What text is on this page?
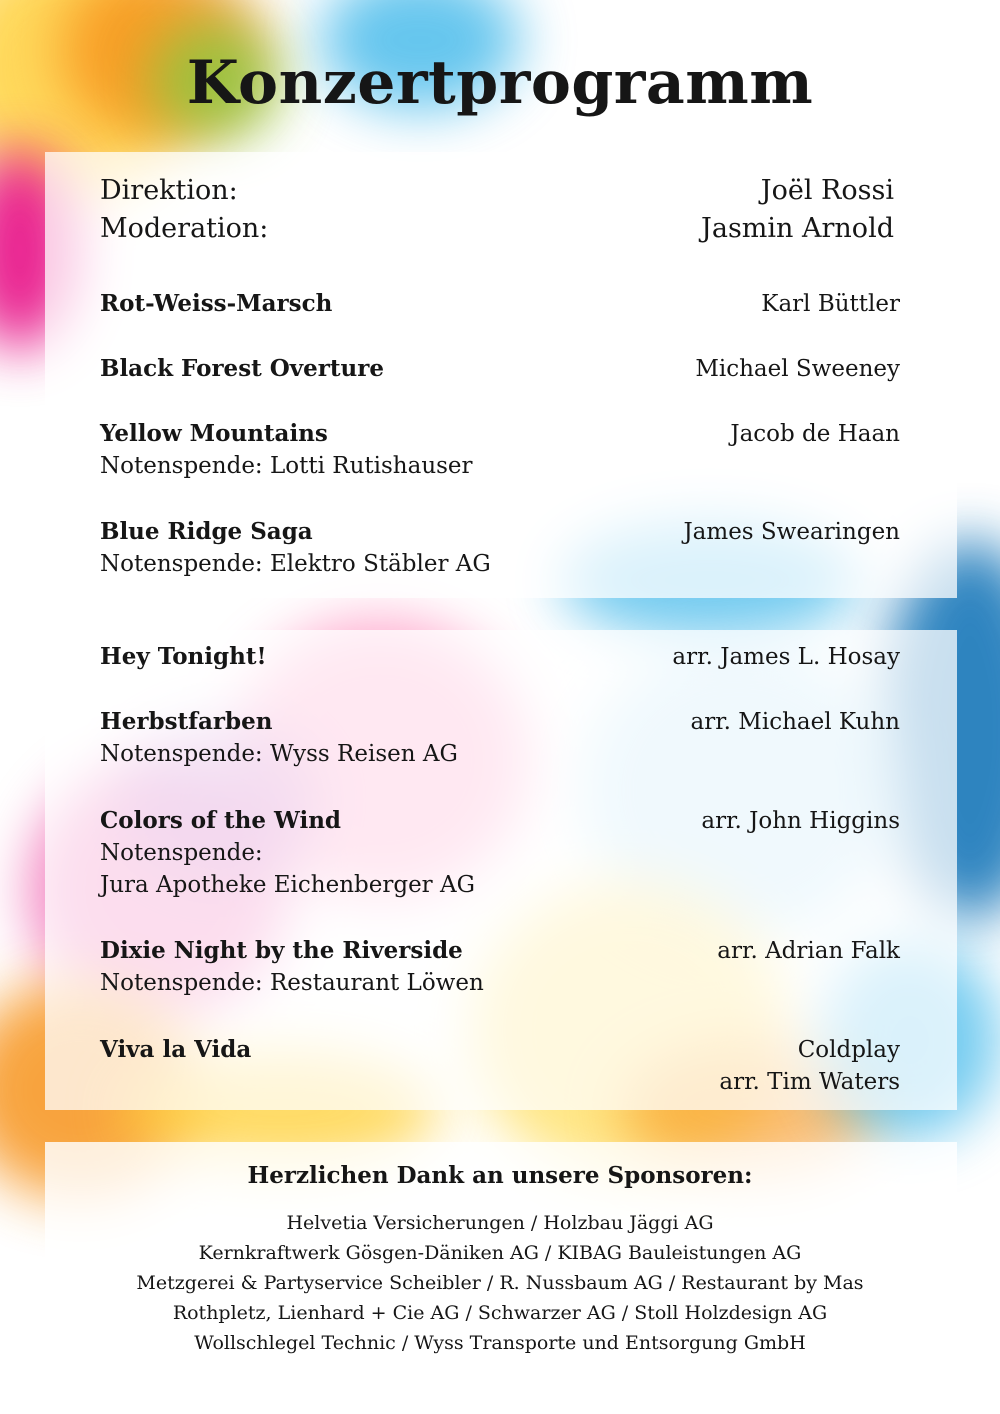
Konzertprogramm
Direktion:	Joël Rossi
Moderation:	Jasmin Arnold
Rot-Weiss-Marsch	Karl Büttler
Black Forest Overture	Michael Sweeney
Yellow Mountains	Jacob de Haan
Notenspende: Lotti Rutishauser
Blue Ridge Saga	James Swearingen
Notenspende: Elektro Stäbler AG
Hey Tonight!	arr. James L. Hosay
Herbstfarben	arr. Michael Kuhn
Notenspende: Wyss Reisen AG
Colors of the Wind	arr. John Higgins
Notenspende:
Jura Apotheke Eichenberger AG
Dixie Night by the Riverside	arr. Adrian Falk
Notenspende: Restaurant Löwen
Viva la Vida	Coldplay
arr. Tim Waters
Herzlichen Dank an unsere Sponsoren:
Helvetia Versicherungen / Holzbau Jäggi AG
Kernkraftwerk Gösgen-Däniken AG / KIBAG Bauleistungen AG
Metzgerei & Partyservice Scheibler / R. Nussbaum AG / Restaurant by Mas
Rothpletz, Lienhard + Cie AG / Schwarzer AG / Stoll Holzdesign AG
Wollschlegel Technic / Wyss Transporte und Entsorgung GmbH
